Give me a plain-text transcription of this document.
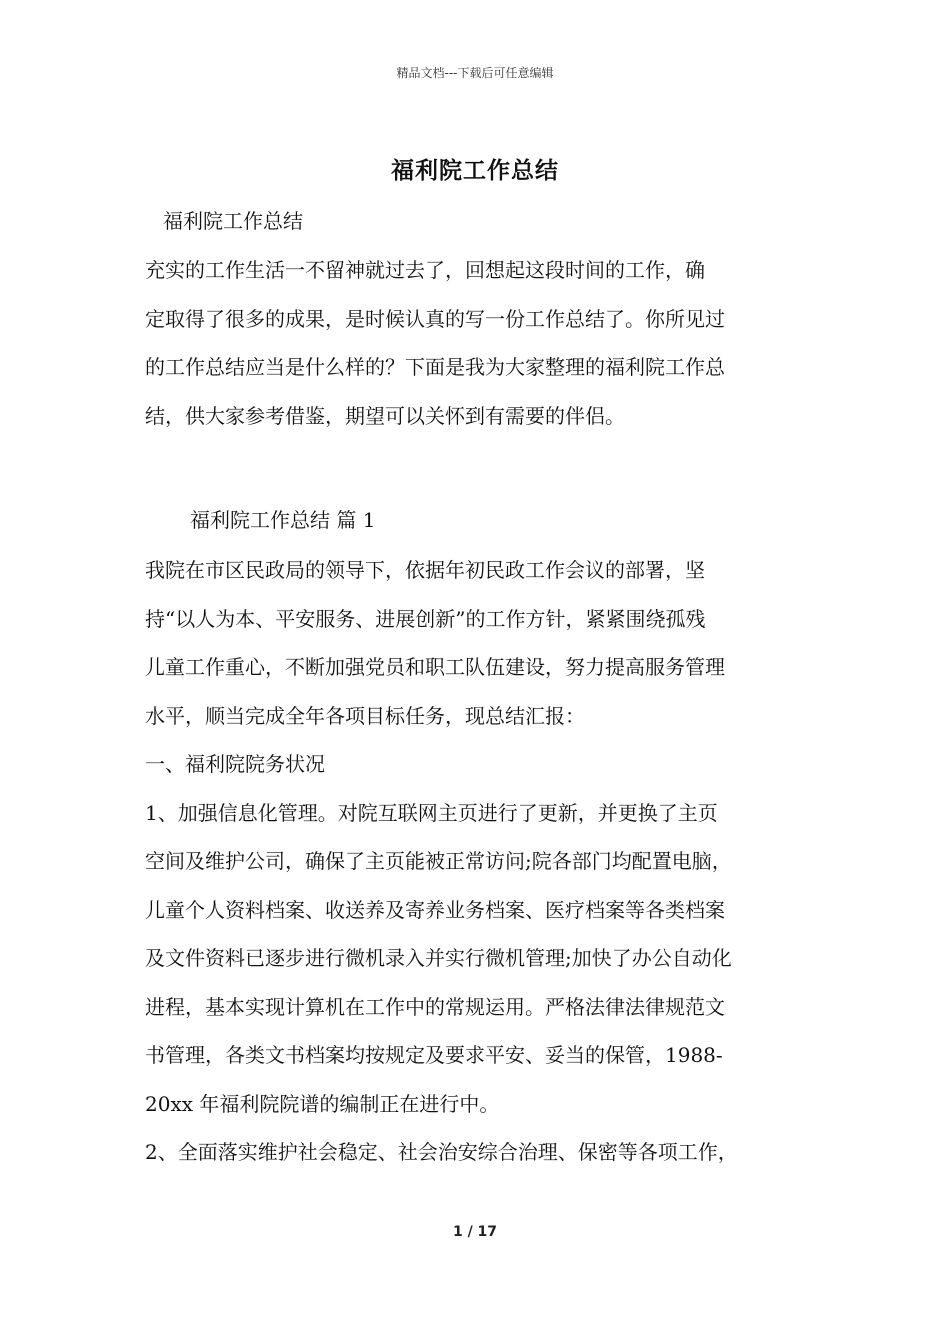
精品文档---下载后可任意编辑
福利院工作总结
福利院工作总结
充实的工作生活一不留神就过去了，回想起这段时间的工作，确
定取得了很多的成果，是时候认真的写一份工作总结了。你所见过
的工作总结应当是什么样的？下面是我为大家整理的福利院工作总
结，供大家参考借鉴，期望可以关怀到有需要的伴侣。
福利院工作总结 篇 1
我院在市区民政局的领导下，依据年初民政工作会议的部署，坚
持“以人为本、平安服务、进展创新”的工作方针，紧紧围绕孤残
儿童工作重心，不断加强党员和职工队伍建设，努力提高服务管理
水平，顺当完成全年各项目标任务，现总结汇报：
一、福利院院务状况
1、加强信息化管理。对院互联网主页进行了更新，并更换了主页
空间及维护公司，确保了主页能被正常访问;院各部门均配置电脑，
儿童个人资料档案、收送养及寄养业务档案、医疗档案等各类档案
及文件资料已逐步进行微机录入并实行微机管理;加快了办公自动化
进程，基本实现计算机在工作中的常规运用。严格法律法律规范文
书管理，各类文书档案均按规定及要求平安、妥当的保管，1988-
20xx 年福利院院谱的编制正在进行中。
2、全面落实维护社会稳定、社会治安综合治理、保密等各项工作，
1 / 17
